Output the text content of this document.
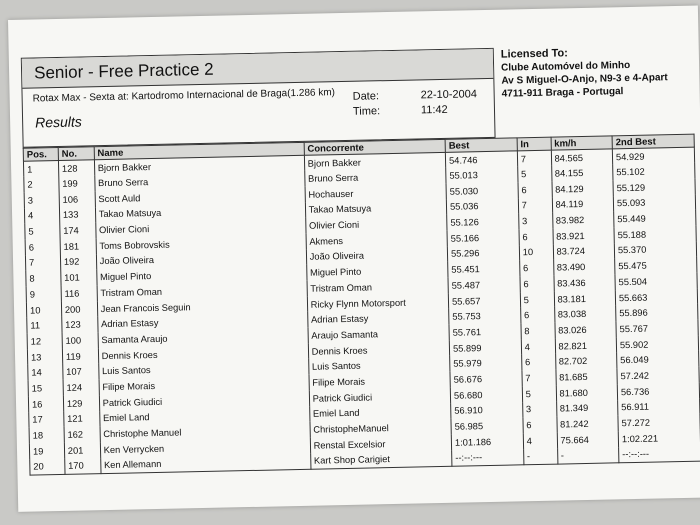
Senior - Free Practice 2
Rotax Max - Sexta at: Kartodromo Internacional de Braga(1.286 km)
Results
Date:	22-10-2004
Time:	11:42
Licensed To:
Clube Automóvel do Minho
Av S Miguel-O-Anjo, N9-3 e 4-Apart
4711-911 Braga - Portugal
Pos.	No.	Name	Concorrente	Best	In	km/h	2nd Best
1	128	Bjorn Bakker	Bjorn Bakker	54.746	7	84.565	54.929
2	199	Bruno Serra	Bruno Serra	55.013	5	84.155	55.102
3	106	Scott Auld	Hochauser	55.030	6	84.129	55.129
4	133	Takao Matsuya	Takao Matsuya	55.036	7	84.119	55.093
5	174	Olivier Cioni	Olivier Cioni	55.126	3	83.982	55.449
6	181	Toms Bobrovskis	Akmens	55.166	6	83.921	55.188
7	192	João Oliveira	João Oliveira	55.296	10	83.724	55.370
8	101	Miguel Pinto	Miguel Pinto	55.451	6	83.490	55.475
9	116	Tristram Oman	Tristram Oman	55.487	6	83.436	55.504
10	200	Jean Francois Seguin	Ricky Flynn Motorsport	55.657	5	83.181	55.663
11	123	Adrian Estasy	Adrian Estasy	55.753	6	83.038	55.896
12	100	Samanta Araujo	Araujo Samanta	55.761	8	83.026	55.767
13	119	Dennis Kroes	Dennis Kroes	55.899	4	82.821	55.902
14	107	Luis Santos	Luis Santos	55.979	6	82.702	56.049
15	124	Filipe Morais	Filipe Morais	56.676	7	81.685	57.242
16	129	Patrick Giudici	Patrick Giudici	56.680	5	81.680	56.736
17	121	Emiel Land	Emiel Land	56.910	3	81.349	56.911
18	162	Christophe Manuel	ChristopheManuel	56.985	6	81.242	57.272
19	201	Ken Verrycken	Renstal Excelsior	1:01.186	4	75.664	1:02.221
20	170	Ken Allemann	Kart Shop Carigiet	--:--:---	-	-	--:--:---
